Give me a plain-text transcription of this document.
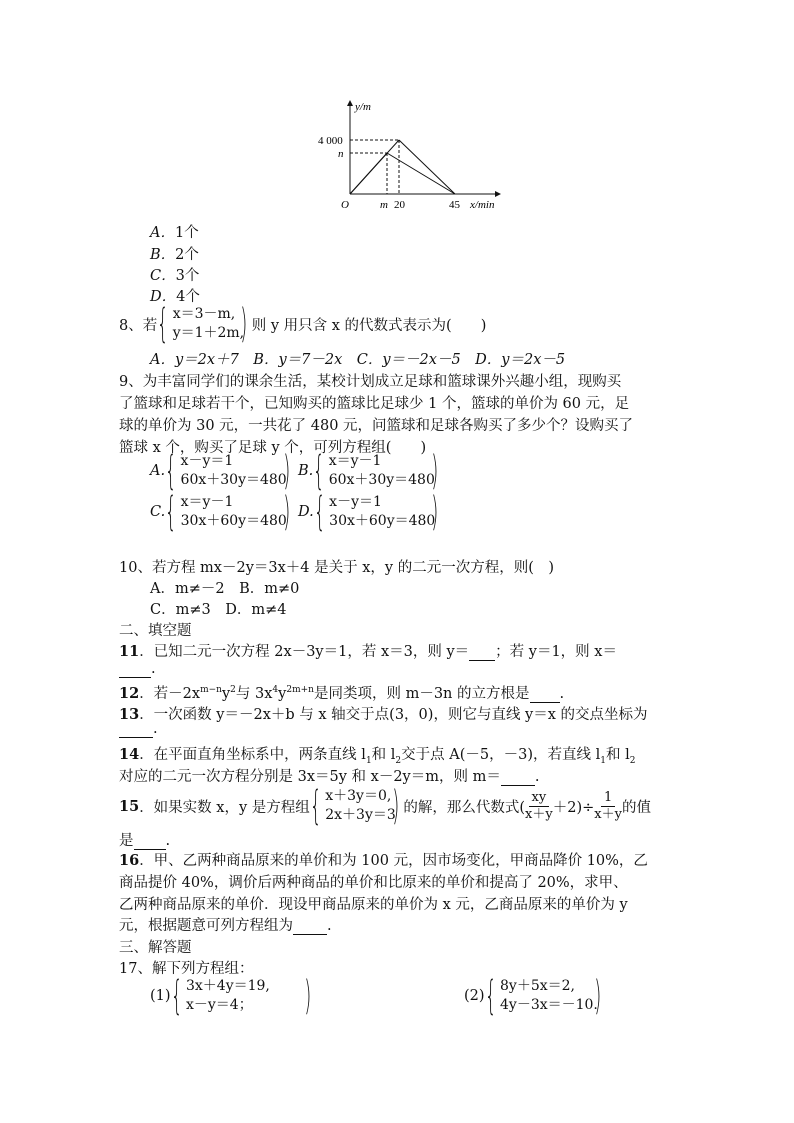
y/m
x/min
O
4 000
n
m 20	45
A．1个
B．2个
C．3个
D．4个
8、若 { x＝3－m,
y＝1＋2m,
) 则 y 用只含 x 的代数式表示为(　　)
A．y＝2x＋7　B．y＝7－2x　C．y＝－2x－5　D．y＝2x－5
9、为丰富同学们的课余生活，某校计划成立足球和篮球课外兴趣小组，现购买
了篮球和足球若干个，已知购买的篮球比足球少 1 个，篮球的单价为 60 元，足
球的单价为 30 元，一共花了 480 元，问篮球和足球各购买了多少个？设购买了
篮球 x 个，购买了足球 y 个，可列方程组(　　)
A. { x－y＝1
60x＋30y＝480
) B. { x＝y－1
60x＋30y＝480
)
C. { x＝y－1
30x＋60y＝480
) D. { x－y＝1
30x＋60y＝480
)
10、若方程 mx－2y＝3x＋4 是关于 x，y 的二元一次方程，则(　)
A．m≠－2　B．m≠0
C．m≠3　D．m≠4
二、填空题
11．已知二元一次方程 2x－3y＝1，若 x＝3，则 y＝ ；若 y＝1，则 x＝
.
12．若$-2x^{m-n}y^2$与 $3x^4y^{2m+n}$是同类项，则 m－3n 的立方根是 .
13．一次函数 y＝－2x＋b 与 x 轴交于点(3，0)，则它与直线 y＝x 的交点坐标为
.
14．在平面直角坐标系中，两条直线 $l_1$和 $l_2$交于点 A(－5，－3)，若直线 $l_1$和 $l_2$
对应的二元一次方程分别是 3x＝5y 和 x－2y＝m，则 m＝ .
15 ．如果实数 x，y 是方程组 { x＋3y＝0,
2x＋3y＝3
) 的解，那么代数式( $\frac{xy}{x+y} +2)\div \frac{1}{x+y}$ 的值
是 .
16．甲、乙两种商品原来的单价和为 100 元，因市场变化，甲商品降价 10%，乙
商品提价 40%，调价后两种商品的单价和比原来的单价和提高了 20%，求甲、
乙两种商品原来的单价．现设甲商品原来的单价为 x 元，乙商品原来的单价为 y
元，根据题意可列方程组为 .
三、解答题
17、解下列方程组：
(1) { 3x＋4y＝19,
x－y＝4；	)	(2) { 8y＋5x＝2,
4y－3x＝－10.
)
